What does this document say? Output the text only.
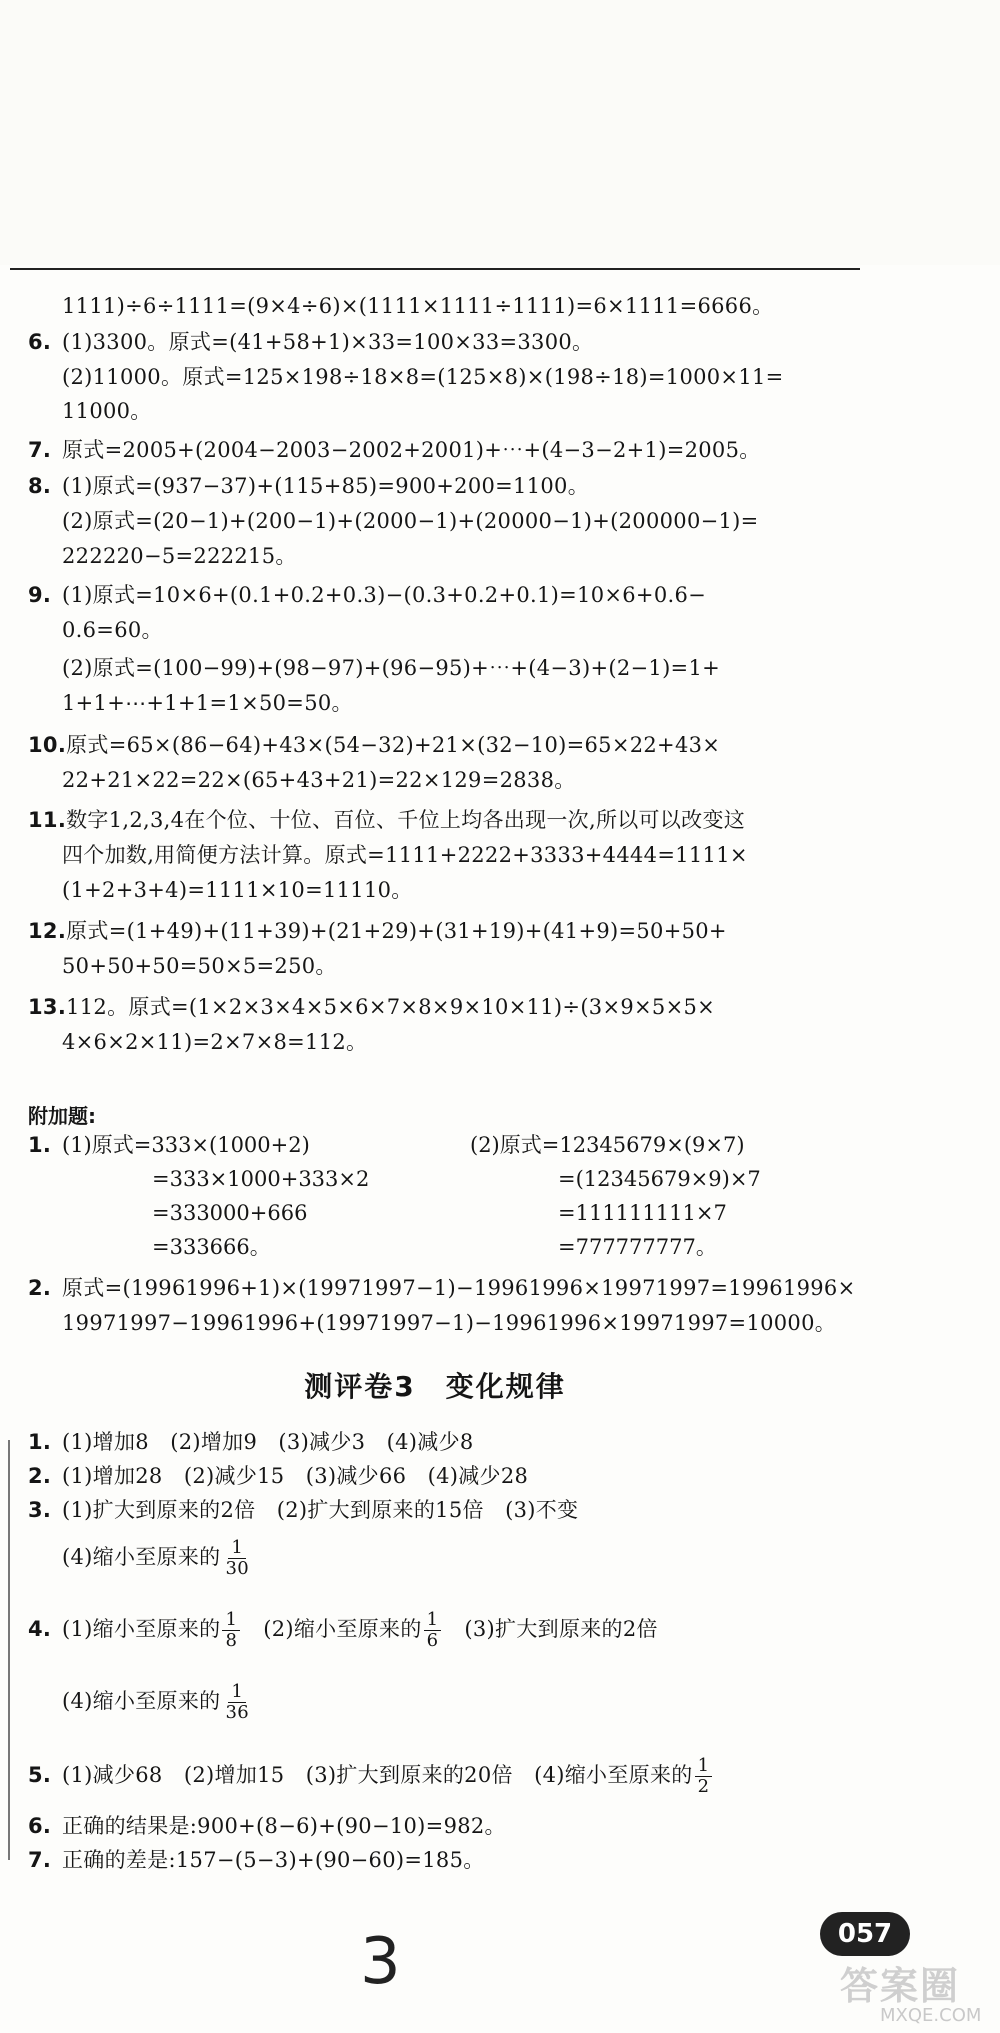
1111)÷6÷1111=(9×4÷6)×(1111×1111÷1111)=6×1111=6666。
6. (1)3300。原式=(41+58+1)×33=100×33=3300。
(2)11000。原式=125×198÷18×8=(125×8)×(198÷18)=1000×11=
11000。
7. 原式=2005+(2004−2003−2002+2001)+⋯+(4−3−2+1)=2005。
8. (1)原式=(937−37)+(115+85)=900+200=1100。
(2)原式=(20−1)+(200−1)+(2000−1)+(20000−1)+(200000−1)=
222220−5=222215。
9. (1)原式=10×6+(0.1+0.2+0.3)−(0.3+0.2+0.1)=10×6+0.6−
0.6=60。
(2)原式=(100−99)+(98−97)+(96−95)+⋯+(4−3)+(2−1)=1+
1+1+⋯+1+1=1×50=50。
10.原式=65×(86−64)+43×(54−32)+21×(32−10)=65×22+43×
22+21×22=22×(65+43+21)=22×129=2838。
11.数字1,2,3,4在个位、十位、百位、千位上均各出现一次,所以可以改变这
四个加数,用简便方法计算。原式=1111+2222+3333+4444=1111×
(1+2+3+4)=1111×10=11110。
12.原式=(1+49)+(11+39)+(21+29)+(31+19)+(41+9)=50+50+
50+50+50=50×5=250。
13.112。原式=(1×2×3×4×5×6×7×8×9×10×11)÷(3×9×5×5×
4×6×2×11)=2×7×8=112。
附加题:
1. (1)原式=333×(1000+2)
=333×1000+333×2
=333000+666
=333666。
(2)原式=12345679×(9×7)
=(12345679×9)×7
=111111111×7
=777777777。
2. 原式=(19961996+1)×(19971997−1)−19961996×19971997=19961996×
19971997−19961996+(19971997−1)−19961996×19971997=10000。
测评卷3　变化规律
1. (1)增加8　(2)增加9　(3)减少3　(4)减少8
2. (1)增加28　(2)减少15　(3)减少66　(4)减少28
3. (1)扩大到原来的2倍　(2)扩大到原来的15倍　(3)不变
(4)缩小至原来的 $\frac{1}{30}$
4. (1)缩小至原来的 $\frac{1}{8} (2)$缩小至原来的 $\frac{1}{6} (3)$扩大到原来的2倍
(4)缩小至原来的 $\frac{1}{36}$
5. (1)减少68　(2)增加15　(3)扩大到原来的20倍　(4)缩小至原来的 $\frac{1}{2}$
6. 正确的结果是:900+(8−6)+(90−10)=982。
7. 正确的差是:157−(5−3)+(90−60)=185。
3	057
答案圈
MXQE.COM
